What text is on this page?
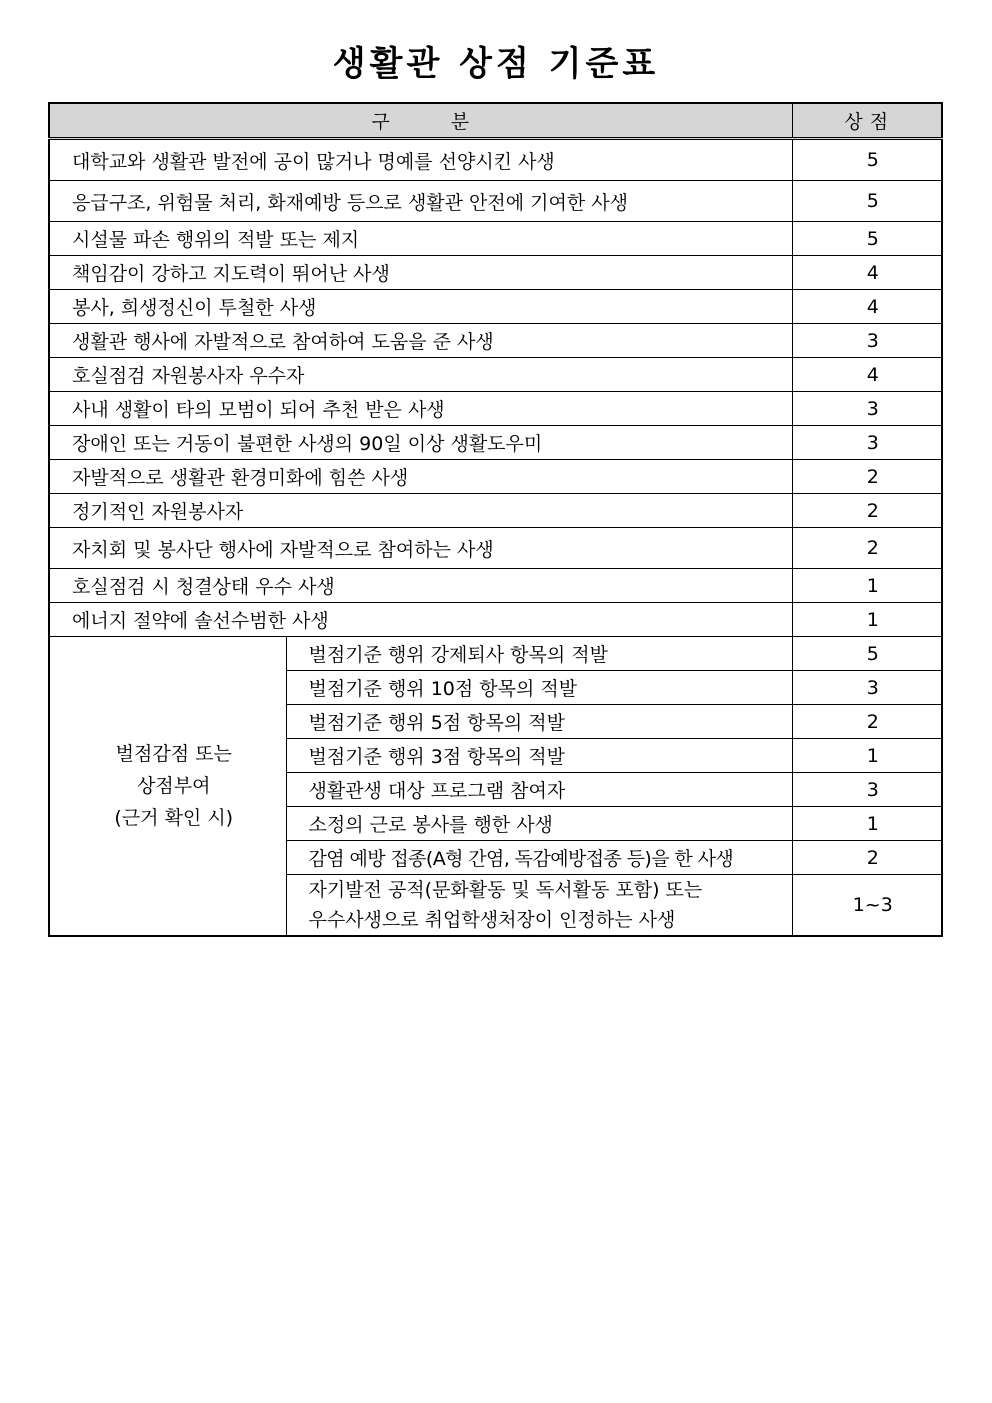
생활관 상점 기준표
구 분		상 점
대학교와 생활관 발전에 공이 많거나 명예를 선양시킨 사생		5
응급구조, 위험물 처리, 화재예방 등으로 생활관 안전에 기여한 사생		5
시설물 파손 행위의 적발 또는 제지		5
책임감이 강하고 지도력이 뛰어난 사생		4
봉사, 희생정신이 투철한 사생		4
생활관 행사에 자발적으로 참여하여 도움을 준 사생		3
호실점검 자원봉사자 우수자		4
사내 생활이 타의 모범이 되어 추천 받은 사생		3
장애인 또는 거동이 불편한 사생의 90일 이상 생활도우미		3
자발적으로 생활관 환경미화에 힘쓴 사생		2
정기적인 자원봉사자		2
자치회 및 봉사단 행사에 자발적으로 참여하는 사생		2
호실점검 시 청결상태 우수 사생		1
에너지 절약에 솔선수범한 사생		1

벌점감점 또는
상점부여
(근거 확인 시)	벌점기준 행위 강제퇴사 항목의 적발	5
	벌점기준 행위 10점 항목의 적발	3
	벌점기준 행위 5점 항목의 적발	2
	벌점기준 행위 3점 항목의 적발	1
	생활관생 대상 프로그램 참여자	3
	소정의 근로 봉사를 행한 사생	1
	감염 예방 접종(A형 간염, 독감예방접종 등)을 한 사생	2

	자기발전 공적(문화활동 및 독서활동 포함) 또는
우수사생으로 취업학생처장이 인정하는 사생	1~3
